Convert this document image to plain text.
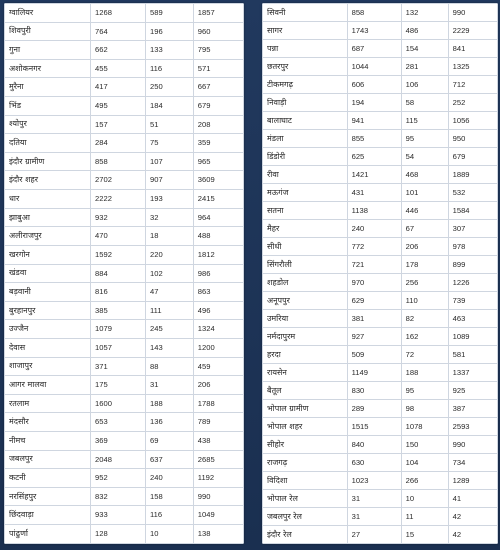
ग्वालियर	1268	589	1857
शिवपुरी	764	196	960
गुना	662	133	795
अशोकनगर	455	116	571
मुरैना	417	250	667
भिंड	495	184	679
श्योपुर	157	51	208
दतिया	284	75	359
इंदौर ग्रामीण	858	107	965
इंदौर शहर	2702	907	3609
धार	2222	193	2415
झाबुआ	932	32	964
अलीराजपुर	470	18	488
खरगोन	1592	220	1812
खंडवा	884	102	986
बड़वानी	816	47	863
बुरहानपुर	385	111	496
उज्जैन	1079	245	1324
देवास	1057	143	1200
शाजापुर	371	88	459
आगर मालवा	175	31	206
रतलाम	1600	188	1788
मंदसौर	653	136	789
नीमच	369	69	438
जबलपुर	2048	637	2685
कटनी	952	240	1192
नरसिंहपुर	832	158	990
छिंदवाड़ा	933	116	1049
पांढुर्णा	128	10	138
सिवनी	858	132	990
सागर	1743	486	2229
पन्ना	687	154	841
छतरपुर	1044	281	1325
टीकमगढ़	606	106	712
निवाड़ी	194	58	252
बालाघाट	941	115	1056
मंडला	855	95	950
डिंडोरी	625	54	679
रीवा	1421	468	1889
मऊगंज	431	101	532
सतना	1138	446	1584
मैहर	240	67	307
सीधी	772	206	978
सिंगरौली	721	178	899
शहडोल	970	256	1226
अनूपपुर	629	110	739
उमरिया	381	82	463
नर्मदापुरम	927	162	1089
हरदा	509	72	581
रायसेन	1149	188	1337
बैतूल	830	95	925
भोपाल ग्रामीण	289	98	387
भोपाल शहर	1515	1078	2593
सीहोर	840	150	990
राजगढ़	630	104	734
विदिशा	1023	266	1289
भोपाल रेल	31	10	41
जबलपुर रेल	31	11	42
इंदौर रेल	27	15	42
